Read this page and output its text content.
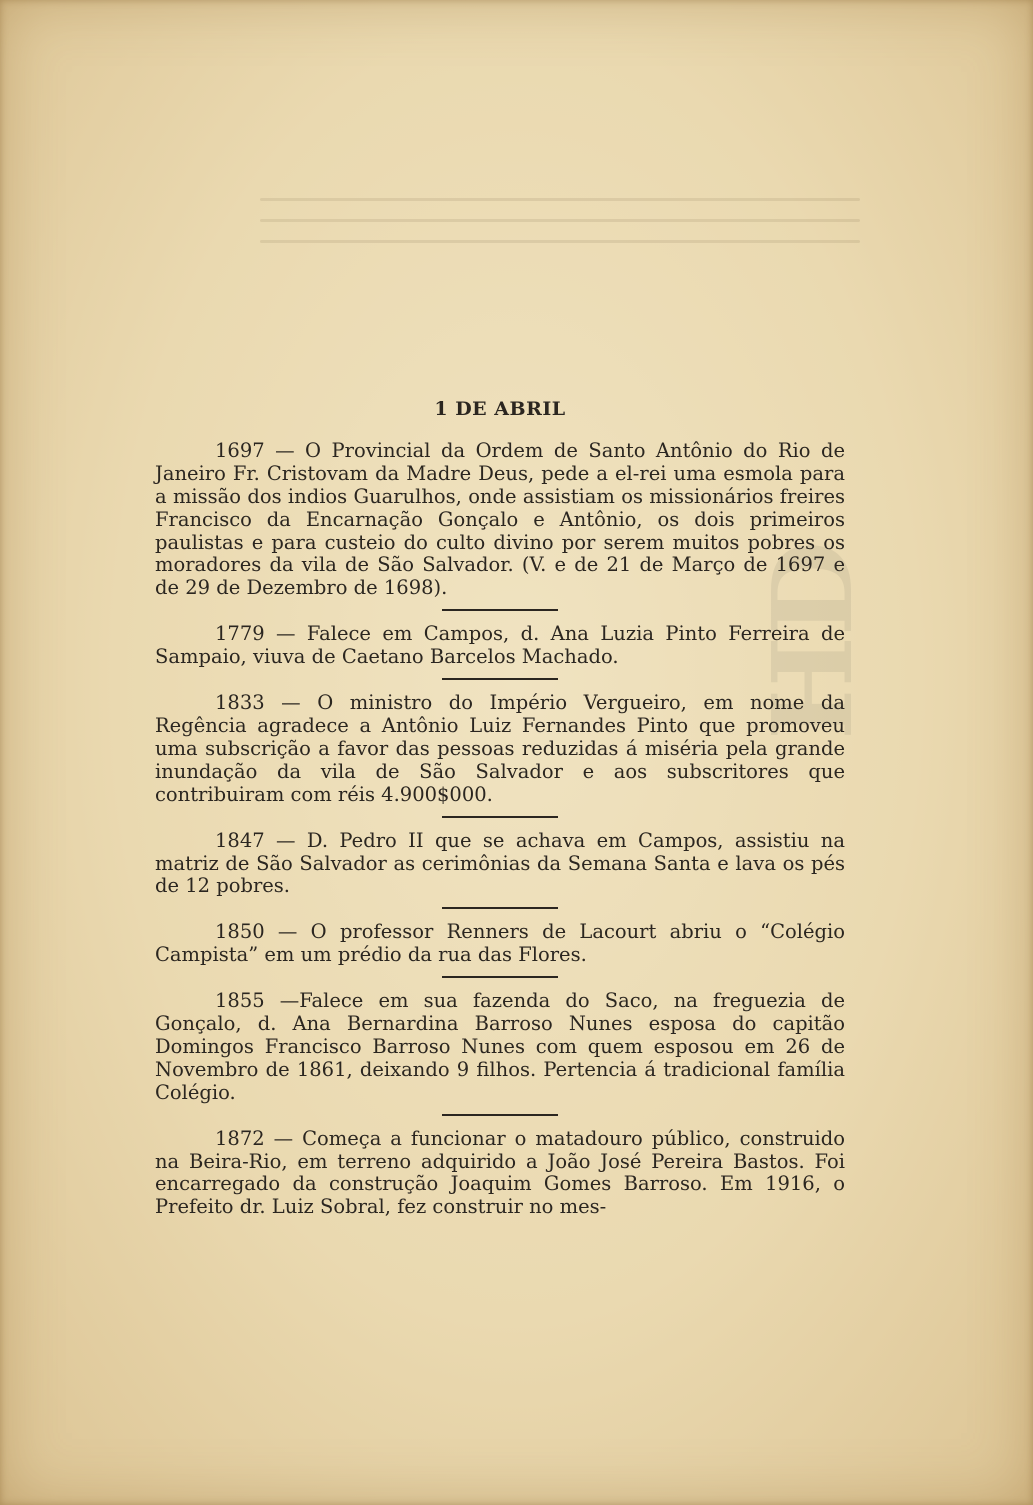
HD
1 DE ABRIL

1697 — O Provincial da Ordem de Santo Antônio do Rio de Janeiro Fr. Cristovam da Madre Deus, pede a el-rei uma esmola para a missão dos indios Guarulhos, onde assistiam os missionários freires Francisco da Encarnação Gonçalo e Antônio, os dois primeiros paulistas e para custeio do culto divino por serem muitos pobres os moradores da vila de São Salvador. (V. e de 21 de Março de 1697 e de 29 de Dezembro de 1698).

1779 — Falece em Campos, d. Ana Luzia Pinto Ferreira de Sampaio, viuva de Caetano Barcelos Machado.

1833 — O ministro do Império Vergueiro, em nome da Regência agradece a Antônio Luiz Fernandes Pinto que promoveu uma subscrição a favor das pessoas reduzidas á miséria pela grande inundação da vila de São Salvador e aos subscritores que contribuiram com réis 4.900$000.

1847 — D. Pedro II que se achava em Campos, assistiu na matriz de São Salvador as cerimônias da Semana Santa e lava os pés de 12 pobres.

1850 — O professor Renners de Lacourt abriu o “Colégio Campista” em um prédio da rua das Flores.

1855 —Falece em sua fazenda do Saco, na freguezia de Gonçalo, d. Ana Bernardina Barroso Nunes esposa do capitão Domingos Francisco Barroso Nunes com quem esposou em 26 de Novembro de 1861, deixando 9 filhos. Pertencia á tradicional família Colégio.

1872 — Começa a funcionar o matadouro público, construido na Beira-Rio, em terreno adquirido a João José Pereira Bastos. Foi encarregado da construção Joaquim Gomes Barroso. Em 1916, o Prefeito dr. Luiz Sobral, fez construir no mes-
